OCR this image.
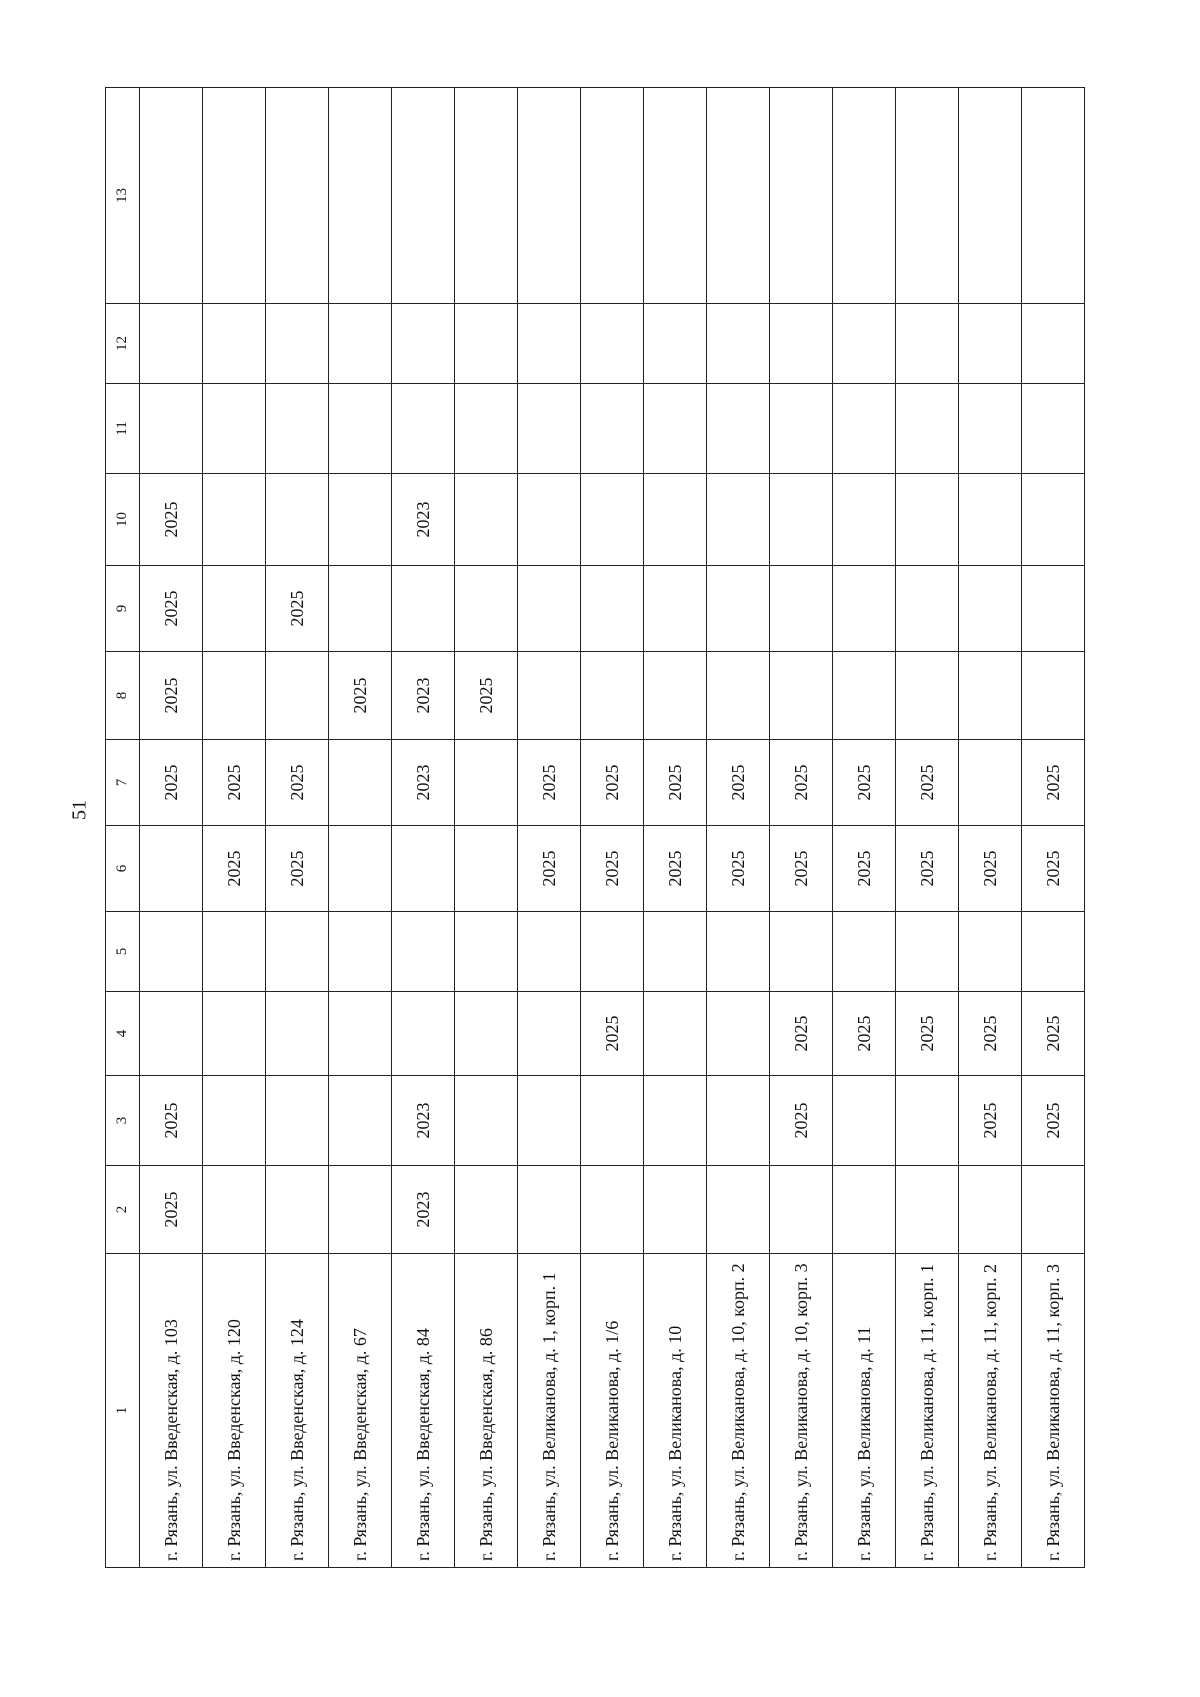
51
1	2	3	4	5	6	7	8	9	10	11	12	13
г. Рязань, ул. Введенская, д. 103	2025	2025				2025	2025	2025	2025			
г. Рязань, ул. Введенская, д. 120					2025	2025						
г. Рязань, ул. Введенская, д. 124					2025	2025		2025				
г. Рязань, ул. Введенская, д. 67							2025					
г. Рязань, ул. Введенская, д. 84	2023	2023				2023	2023		2023			
г. Рязань, ул. Введенская, д. 86							2025					
г. Рязань, ул. Великанова, д. 1, корп. 1					2025	2025						
г. Рязань, ул. Великанова, д. 1/6			2025		2025	2025						
г. Рязань, ул. Великанова, д. 10					2025	2025						
г. Рязань, ул. Великанова, д. 10, корп. 2					2025	2025						
г. Рязань, ул. Великанова, д. 10, корп. 3		2025	2025		2025	2025						
г. Рязань, ул. Великанова, д. 11			2025		2025	2025						
г. Рязань, ул. Великанова, д. 11, корп. 1			2025		2025	2025						
г. Рязань, ул. Великанова, д. 11, корп. 2		2025	2025		2025							
г. Рязань, ул. Великанова, д. 11, корп. 3		2025	2025		2025	2025						
